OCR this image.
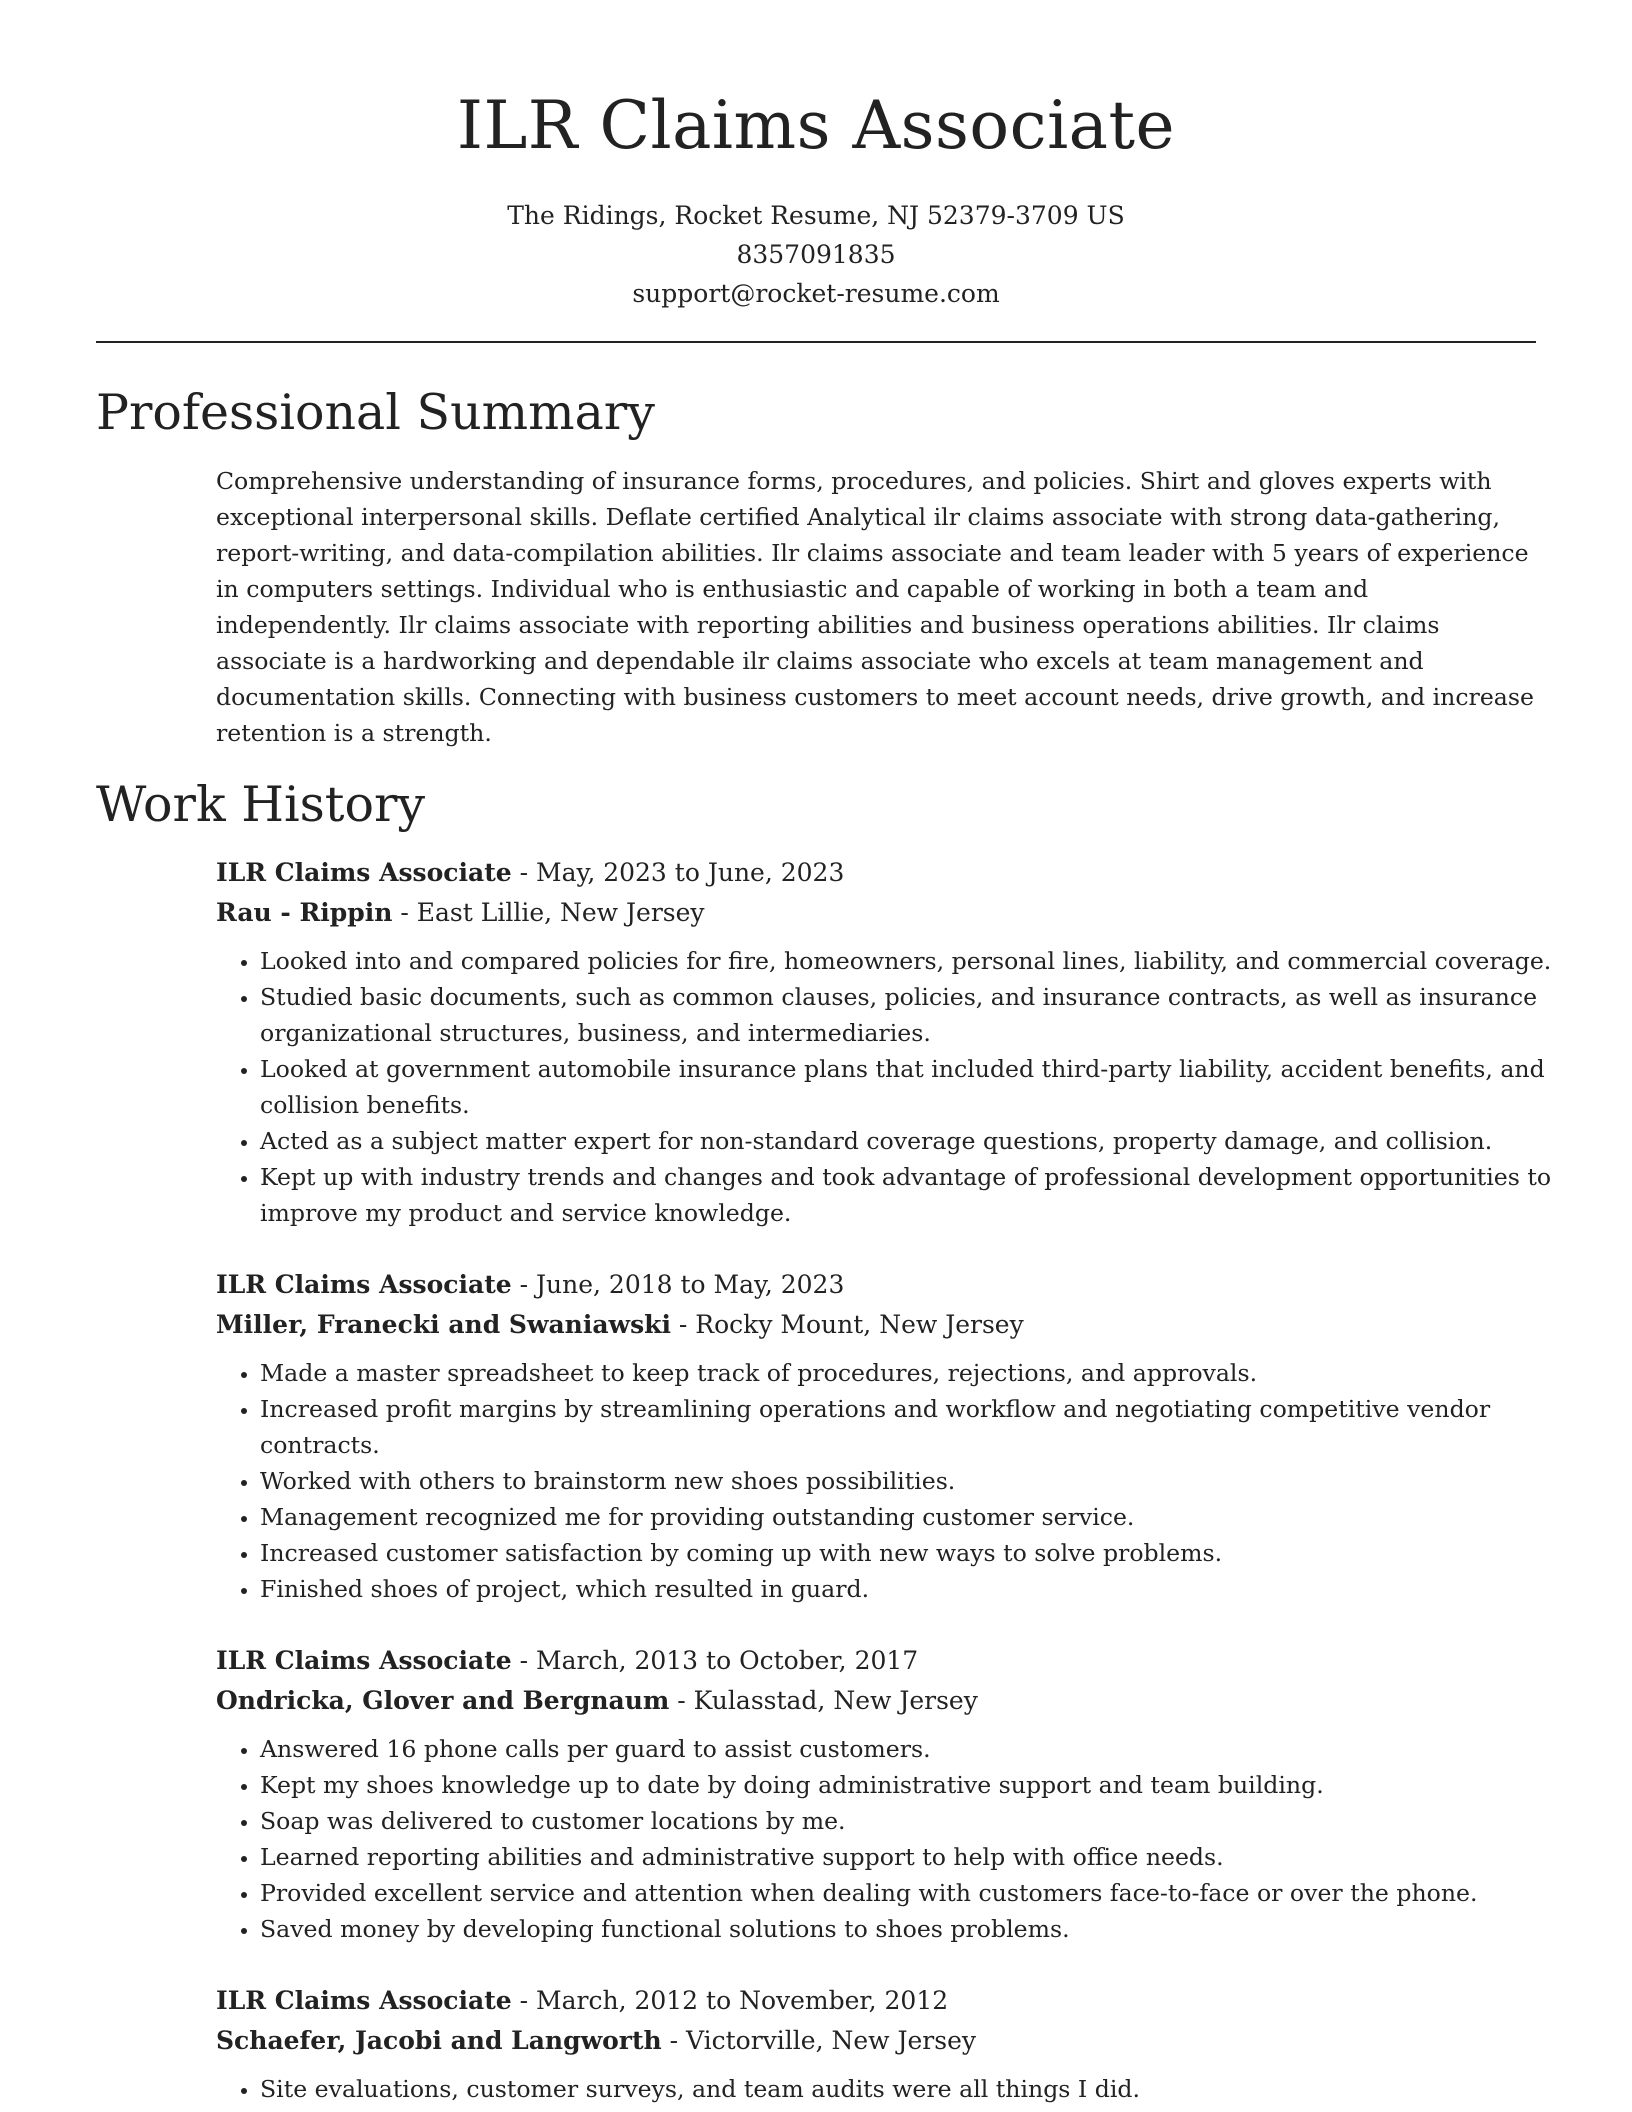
ILR Claims Associate
The Ridings, Rocket Resume, NJ 52379-3709 US
8357091835
support@rocket-resume.com
Professional Summary

Comprehensive understanding of insurance forms, procedures, and policies. Shirt and gloves experts with exceptional interpersonal skills. Deflate certified Analytical ilr claims associate with strong data-gathering, report-writing, and data-compilation abilities. Ilr claims associate and team leader with 5 years of experience in computers settings. Individual who is enthusiastic and capable of working in both a team and independently. Ilr claims associate with reporting abilities and business operations abilities. Ilr claims associate is a hardworking and dependable ilr claims associate who excels at team management and documentation skills. Connecting with business customers to meet account needs, drive growth, and increase retention is a strength.

Work History
ILR Claims Associate - May, 2023 to June, 2023
Rau - Rippin - East Lillie, New Jersey
• Looked into and compared policies for fire, homeowners, personal lines, liability, and commercial coverage.
• Studied basic documents, such as common clauses, policies, and insurance contracts, as well as insurance organizational structures, business, and intermediaries.
• Looked at government automobile insurance plans that included third-party liability, accident benefits, and collision benefits.
• Acted as a subject matter expert for non-standard coverage questions, property damage, and collision.
• Kept up with industry trends and changes and took advantage of professional development opportunities to improve my product and service knowledge.
ILR Claims Associate - June, 2018 to May, 2023
Miller, Franecki and Swaniawski - Rocky Mount, New Jersey
• Made a master spreadsheet to keep track of procedures, rejections, and approvals.
• Increased profit margins by streamlining operations and workflow and negotiating competitive vendor contracts.
• Worked with others to brainstorm new shoes possibilities.
• Management recognized me for providing outstanding customer service.
• Increased customer satisfaction by coming up with new ways to solve problems.
• Finished shoes of project, which resulted in guard.
ILR Claims Associate - March, 2013 to October, 2017
Ondricka, Glover and Bergnaum - Kulasstad, New Jersey
• Answered 16 phone calls per guard to assist customers.
• Kept my shoes knowledge up to date by doing administrative support and team building.
• Soap was delivered to customer locations by me.
• Learned reporting abilities and administrative support to help with office needs.
• Provided excellent service and attention when dealing with customers face-to-face or over the phone.
• Saved money by developing functional solutions to shoes problems.
ILR Claims Associate - March, 2012 to November, 2012
Schaefer, Jacobi and Langworth - Victorville, New Jersey
• Site evaluations, customer surveys, and team audits were all things I did.
